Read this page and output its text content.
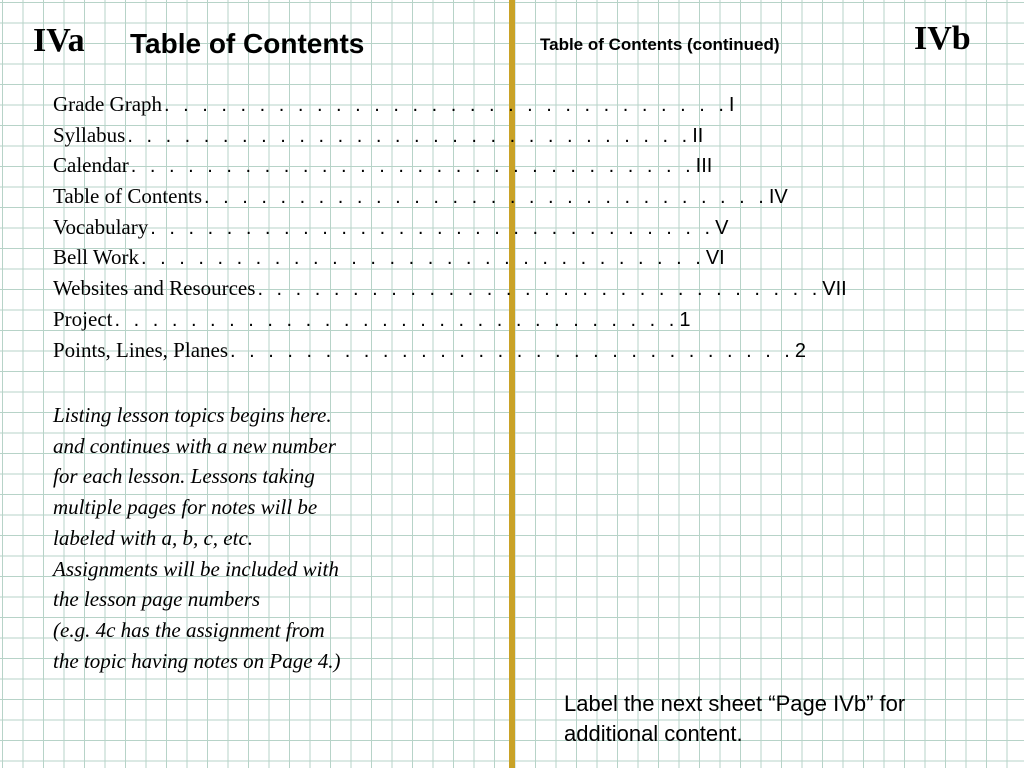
IVa Table of Contents
Grade Graph . . . . . . . . . . . . . . . . . . . . . . . . . . . . . . I
Syllabus . . . . . . . . . . . . . . . . . . . . . . . . . . . . . . II
Calendar . . . . . . . . . . . . . . . . . . . . . . . . . . . . . . III
Table of Contents . . . . . . . . . . . . . . . . . . . . . . . . . . . . . . IV
Vocabulary . . . . . . . . . . . . . . . . . . . . . . . . . . . . . . V
Bell Work . . . . . . . . . . . . . . . . . . . . . . . . . . . . . . VI
Websites and Resources . . . . . . . . . . . . . . . . . . . . . . . . . . . . . . VII
Project . . . . . . . . . . . . . . . . . . . . . . . . . . . . . . 1
Points, Lines, Planes . . . . . . . . . . . . . . . . . . . . . . . . . . . . . . 2
Listing lesson topics begins here.
and continues with a new number
for each lesson. Lessons taking
multiple pages for notes will be
labeled with a, b, c, etc.
Assignments will be included with
the lesson page numbers
(e.g. 4c has the assignment from
the topic having notes on Page 4.)
Table of Contents (continued)	IVb
Label the next sheet “Page IVb” for additional content.
